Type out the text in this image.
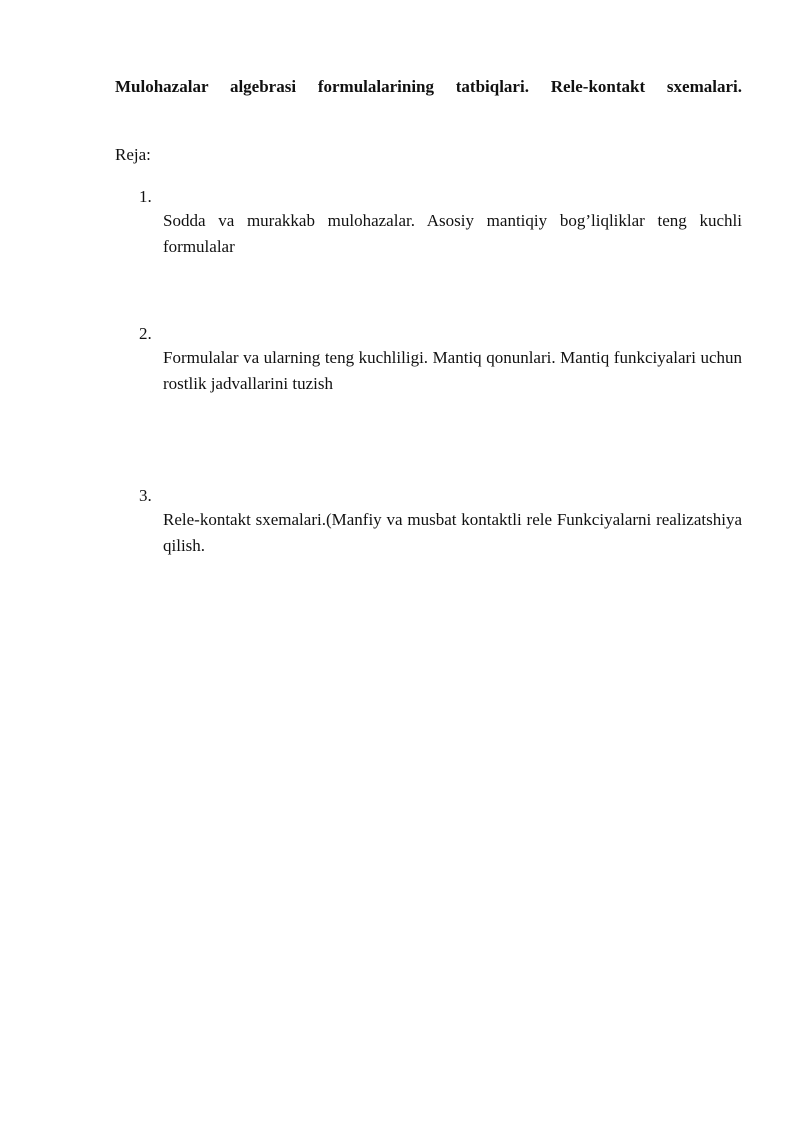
Mulohazalar algebrasi formulalarining tatbiqlari. Rele-kontakt sxemalari.
Reja:
1.
Sodda va murakkab mulohazalar. Asosiy mantiqiy bog’liqliklar teng kuchli formulalar
2.
Formulalar va ularning teng kuchliligi. Mantiq qonunlari. Mantiq funkciyalari uchun rostlik jadvallarini tuzish
3.
Rele-kontakt sxemalari.(Manfiy va musbat kontaktli rele Funkciyalarni realizatshiya qilish.
